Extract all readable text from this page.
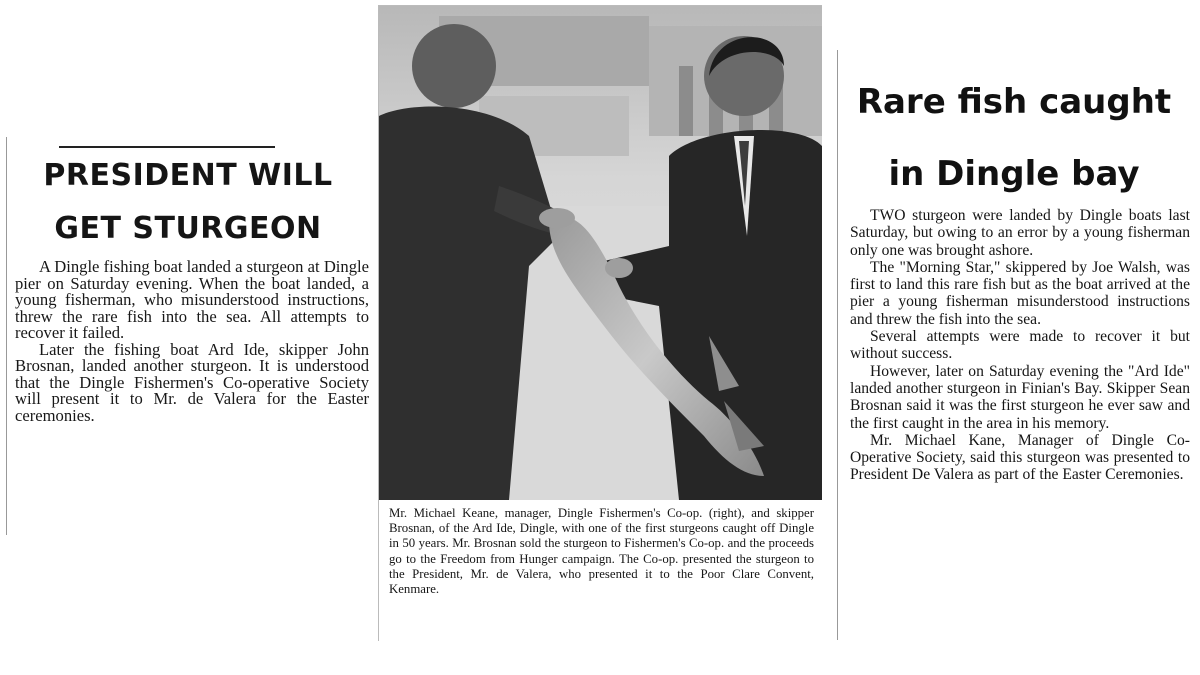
PRESIDENT WILL
GET STURGEON

A Dingle fishing boat landed a sturgeon at Dingle pier on Saturday evening. When the boat landed, a young fisherman, who misunderstood instructions, threw the rare fish into the sea. All attempts to recover it failed.

Later the fishing boat Ard Ide, skipper John Brosnan, landed another sturgeon. It is understood that the Dingle Fishermen's Co-operative Society will present it to Mr. de Valera for the Easter ceremonies.

Mr. Michael Keane, manager, Dingle Fishermen's Co-op. (right), and skipper Brosnan, of the Ard Ide, Dingle, with one of the first sturgeons caught off Dingle in 50 years. Mr. Brosnan sold the sturgeon to Fishermen's Co-op. and the proceeds go to the Freedom from Hunger campaign. The Co-op. presented the sturgeon to the President, Mr. de Valera, who presented it to the Poor Clare Convent, Kenmare.

Rare fish caught
in Dingle bay

TWO sturgeon were landed by Dingle boats last Saturday, but owing to an error by a young fisherman only one was brought ashore.

The "Morning Star," skippered by Joe Walsh, was first to land this rare fish but as the boat arrived at the pier a young fisherman misunderstood instructions and threw the fish into the sea.

Several attempts were made to recover it but without success.

However, later on Saturday evening the "Ard Ide" landed another sturgeon in Finian's Bay. Skipper Sean Brosnan said it was the first sturgeon he ever saw and the first caught in the area in his memory.

Mr. Michael Kane, Manager of Dingle Co-Operative Society, said this sturgeon was presented to President De Valera as part of the Easter Ceremonies.
